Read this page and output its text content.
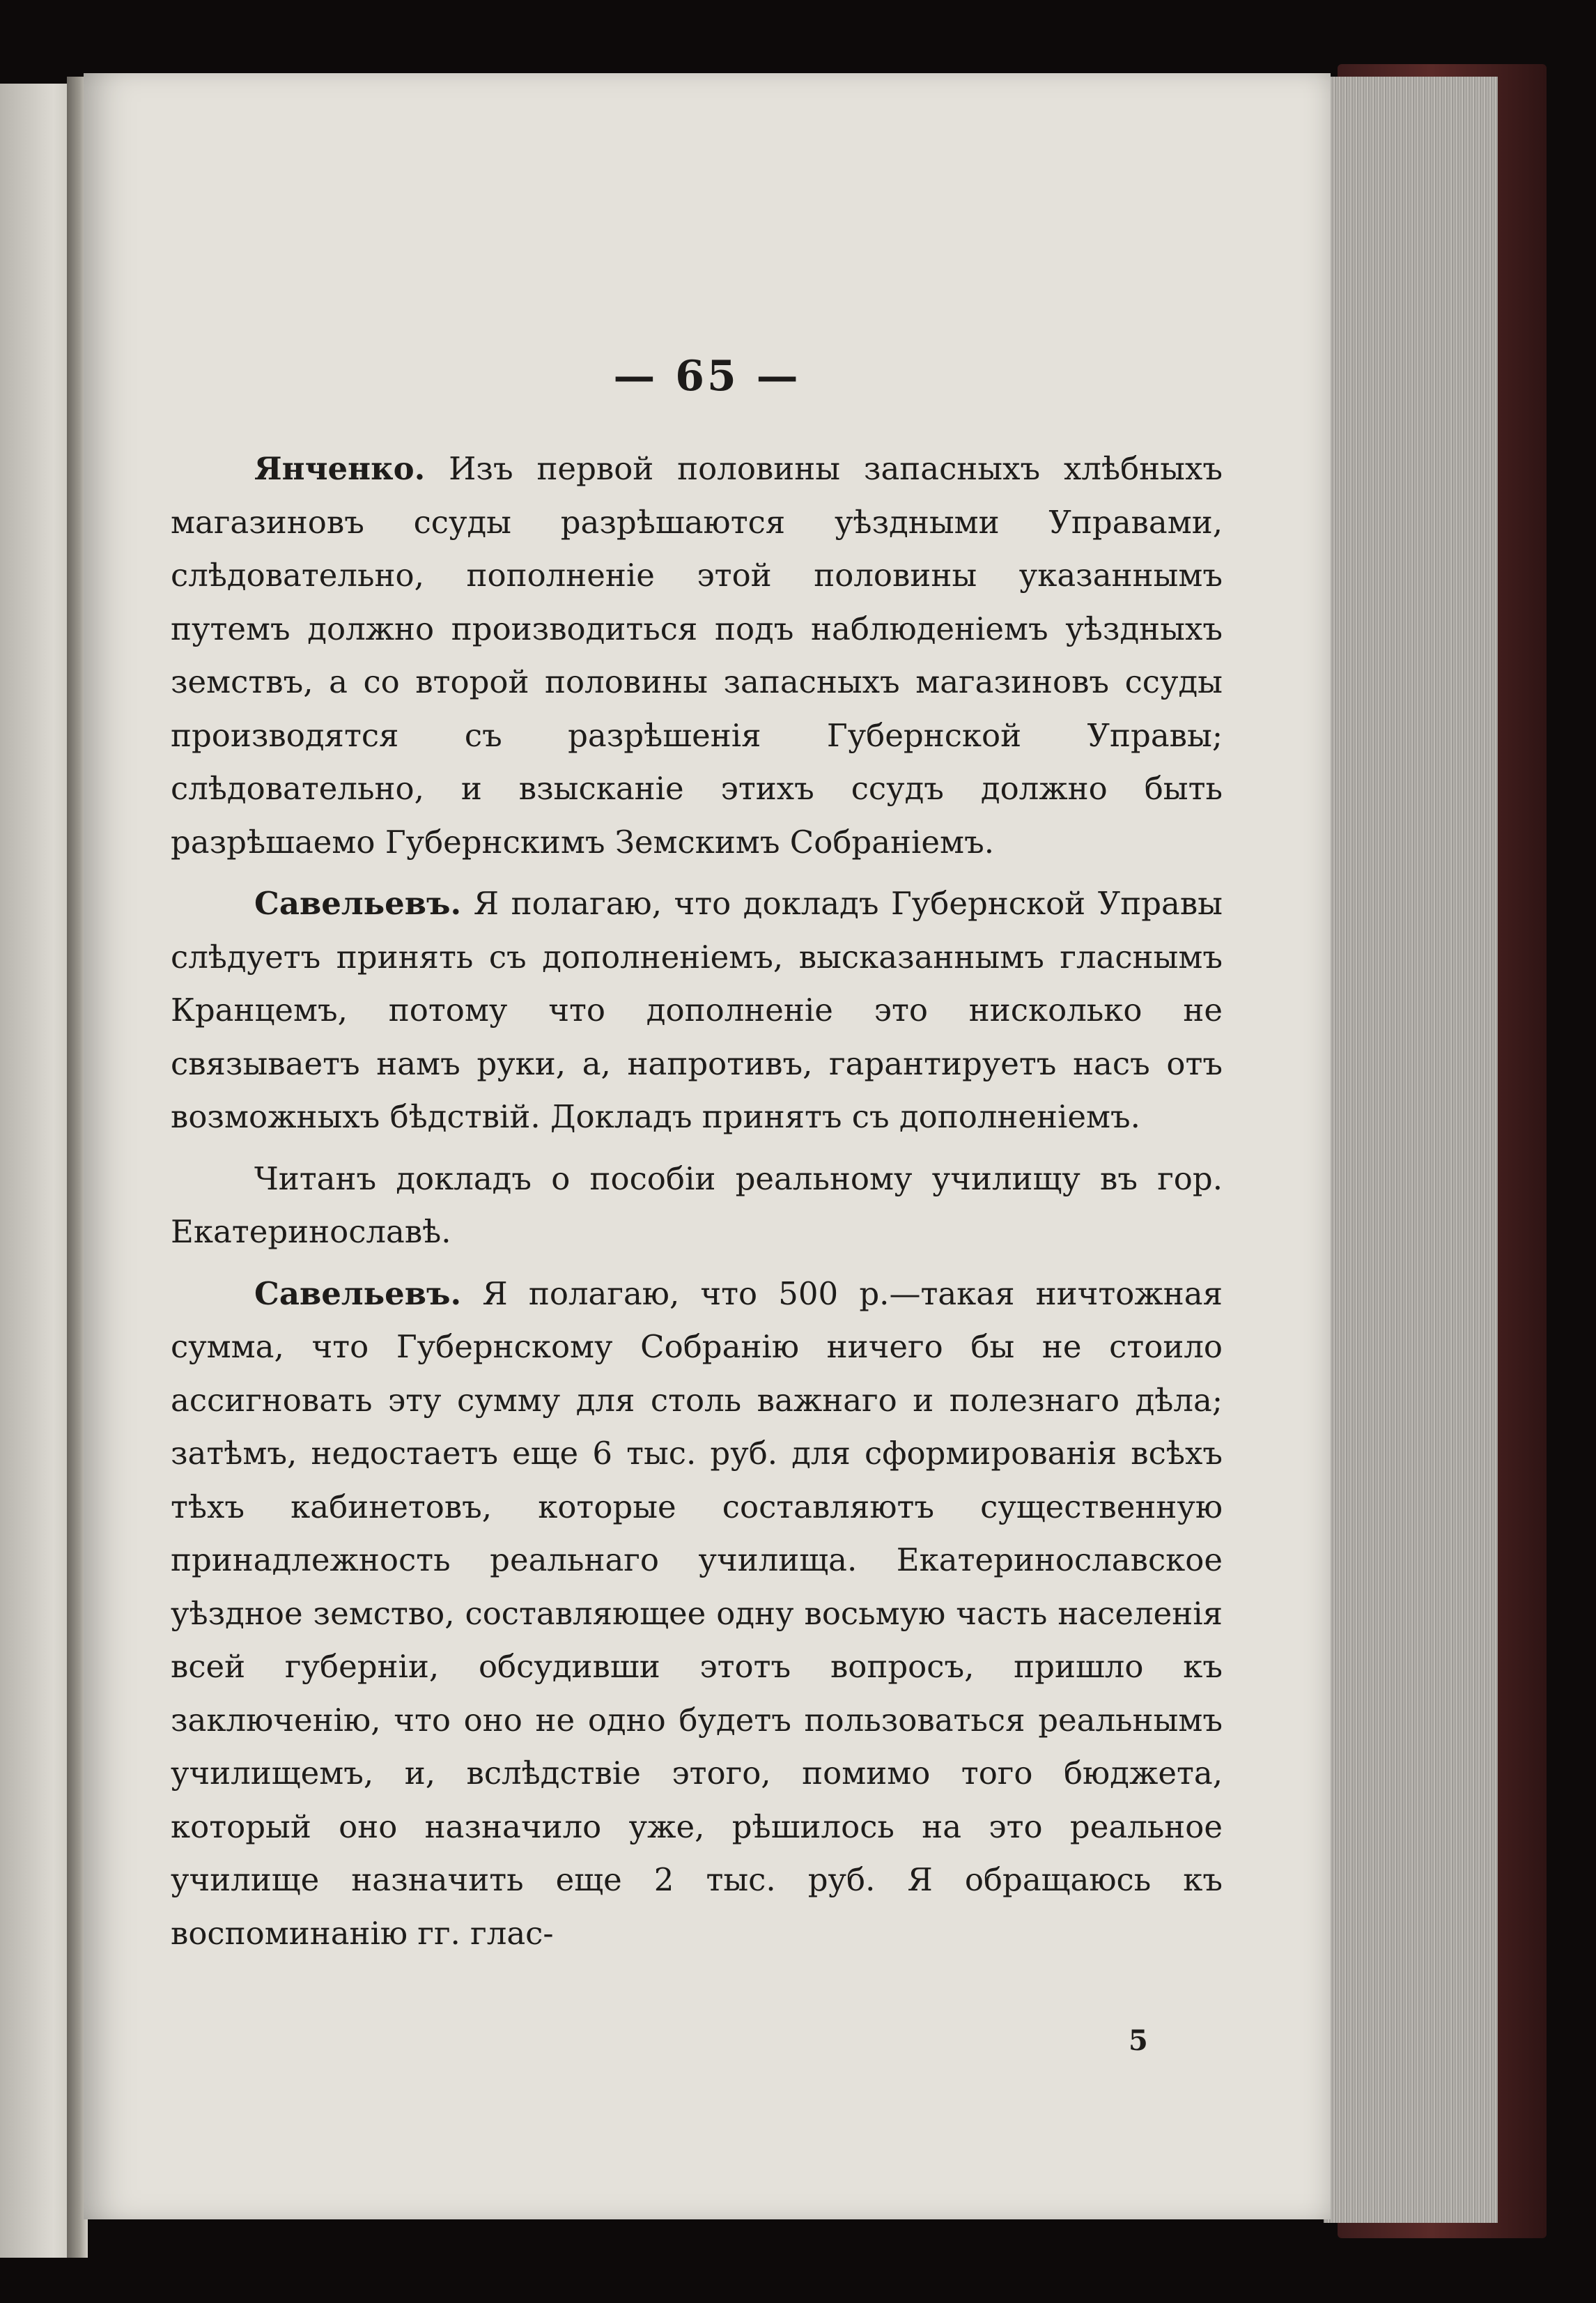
— 65 —

Янченко. Изъ первой половины запасныхъ хлѣбныхъ магазиновъ ссуды разрѣшаются уѣздными Управами, слѣдовательно, пополненіе этой половины указаннымъ путемъ должно производиться подъ наблюденіемъ уѣздныхъ земствъ, а со второй половины запасныхъ магазиновъ ссуды производятся съ разрѣшенія Губернской Управы; слѣдовательно, и взысканіе этихъ ссудъ должно быть разрѣшаемо Губернскимъ Земскимъ Собраніемъ.

Савельевъ. Я полагаю, что докладъ Губернской Управы слѣдуетъ принять съ дополненіемъ, высказаннымъ гласнымъ Кранцемъ, потому что дополненіе это нисколько не связываетъ намъ руки, а, напротивъ, гарантируетъ насъ отъ возможныхъ бѣдствій. Докладъ принятъ съ дополненіемъ.

Читанъ докладъ о пособіи реальному училищу въ гор. Екатеринославѣ.

Савельевъ. Я полагаю, что 500 р.—такая ничтожная сумма, что Губернскому Собранію ничего бы не стоило ассигновать эту сумму для столь важнаго и полезнаго дѣла; затѣмъ, недостаетъ еще 6 тыс. руб. для сформированія всѣхъ тѣхъ кабинетовъ, которые составляютъ существенную принадлежность реальнаго училища. Екатеринославское уѣздное земство, составляющее одну восьмую часть населенія всей губерніи, обсудивши этотъ вопросъ, пришло къ заключенію, что оно не одно будетъ пользоваться реальнымъ училищемъ, и, вслѣдствіе этого, помимо того бюджета, который оно назначило уже, рѣшилось на это реальное училище назначить еще 2 тыс. руб. Я обращаюсь къ воспоминанію гг. глас-

5
